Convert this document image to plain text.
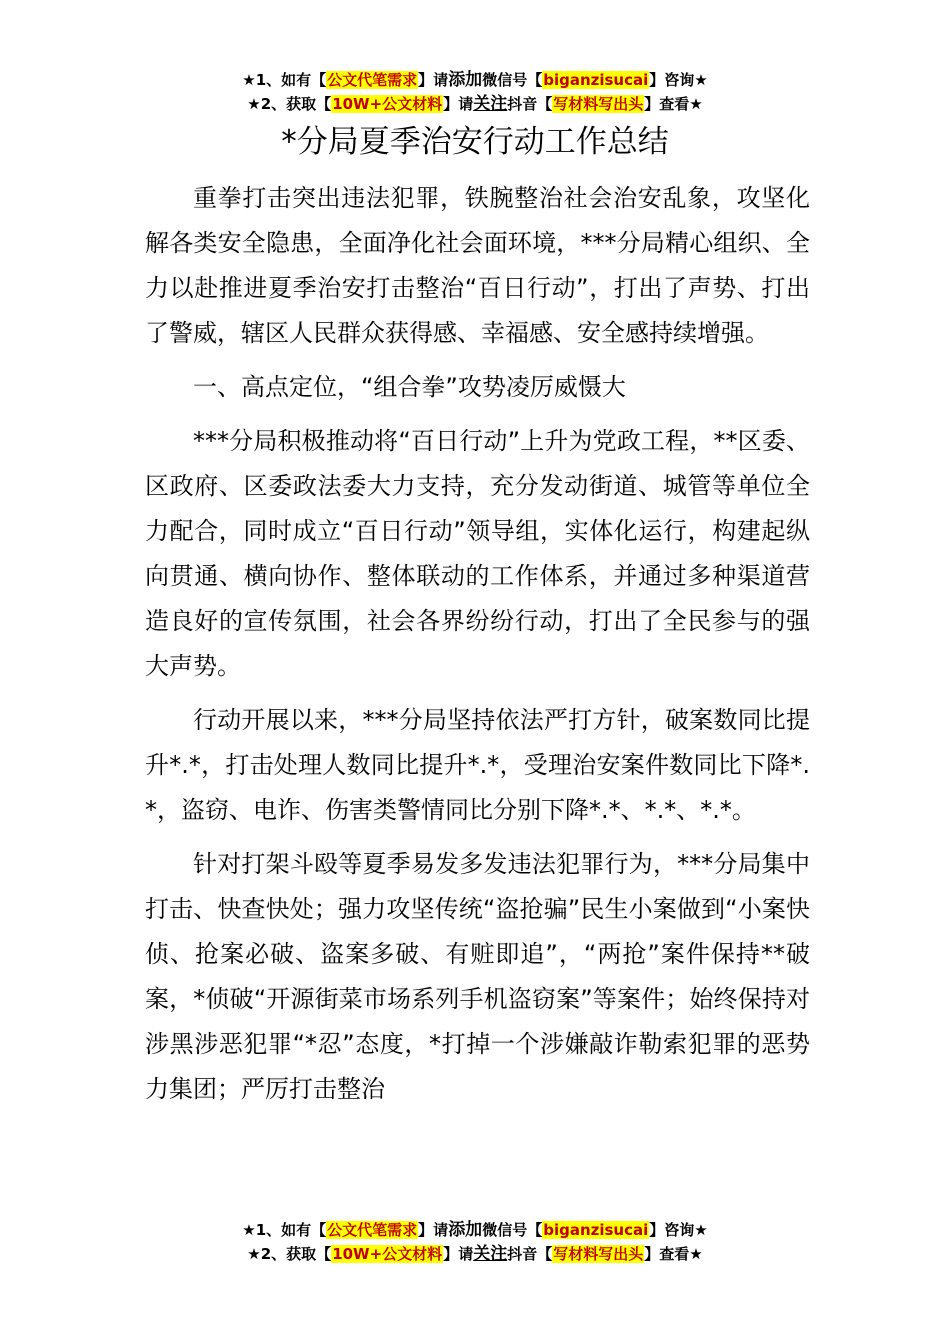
★1、如有【公文代笔需求】请添加微信号【biganzisucai】咨询★
★2、获取【10W+公文材料】请关注抖音【写材料写出头】查看★
*分局夏季治安行动工作总结

重拳打击突出违法犯罪，铁腕整治社会治安乱象，攻坚化解各类安全隐患，全面净化社会面环境，***分局精心组织、全力以赴推进夏季治安打击整治“百日行动”，打出了声势、打出了警威，辖区人民群众获得感、幸福感、安全感持续增强。

一、高点定位，“组合拳”攻势凌厉威慑大

***分局积极推动将“百日行动”上升为党政工程，**区委、区政府、区委政法委大力支持，充分发动街道、城管等单位全力配合，同时成立“百日行动”领导组，实体化运行，构建起纵向贯通、横向协作、整体联动的工作体系，并通过多种渠道营造良好的宣传氛围，社会各界纷纷行动，打出了全民参与的强大声势。

行动开展以来，***分局坚持依法严打方针，破案数同比提升*.*，打击处理人数同比提升*.*，受理治安案件数同比下降*.*，盗窃、电诈、伤害类警情同比分别下降*.*、*.*、*.*。

针对打架斗殴等夏季易发多发违法犯罪行为，***分局集中打击、快查快处；强力攻坚传统“盗抢骗”民生小案做到“小案快侦、抢案必破、盗案多破、有赃即追”，“两抢”案件保持**破案，*侦破“开源街菜市场系列手机盗窃案”等案件；始终保持对涉黑涉恶犯罪“*忍”态度，*打掉一个涉嫌敲诈勒索犯罪的恶势力集团；严厉打击整治

★1、如有【公文代笔需求】请添加微信号【biganzisucai】咨询★
★2、获取【10W+公文材料】请关注抖音【写材料写出头】查看★
